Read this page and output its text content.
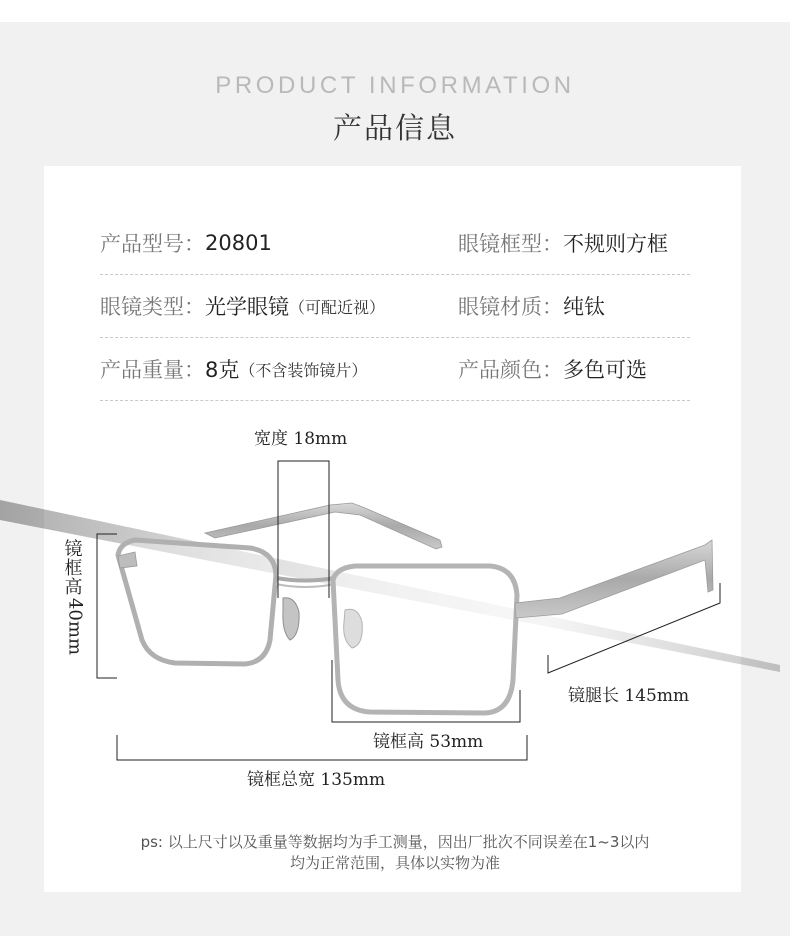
PRODUCT INFORMATION
产品信息
产品型号： 20801	眼镜框型： 不规则方框
眼镜类型： 光学眼镜 （可配近视）	眼镜材质： 纯钛
产品重量： 8克 （不含装饰镜片）	产品颜色： 多色可选
宽度 18mm
镜框高
40mm
镜腿长 145mm
镜框高 53mm
镜框总宽 135mm
ps: 以上尺寸以及重量等数据均为手工测量，因出厂批次不同误差在1~3以内
均为正常范围，具体以实物为准
